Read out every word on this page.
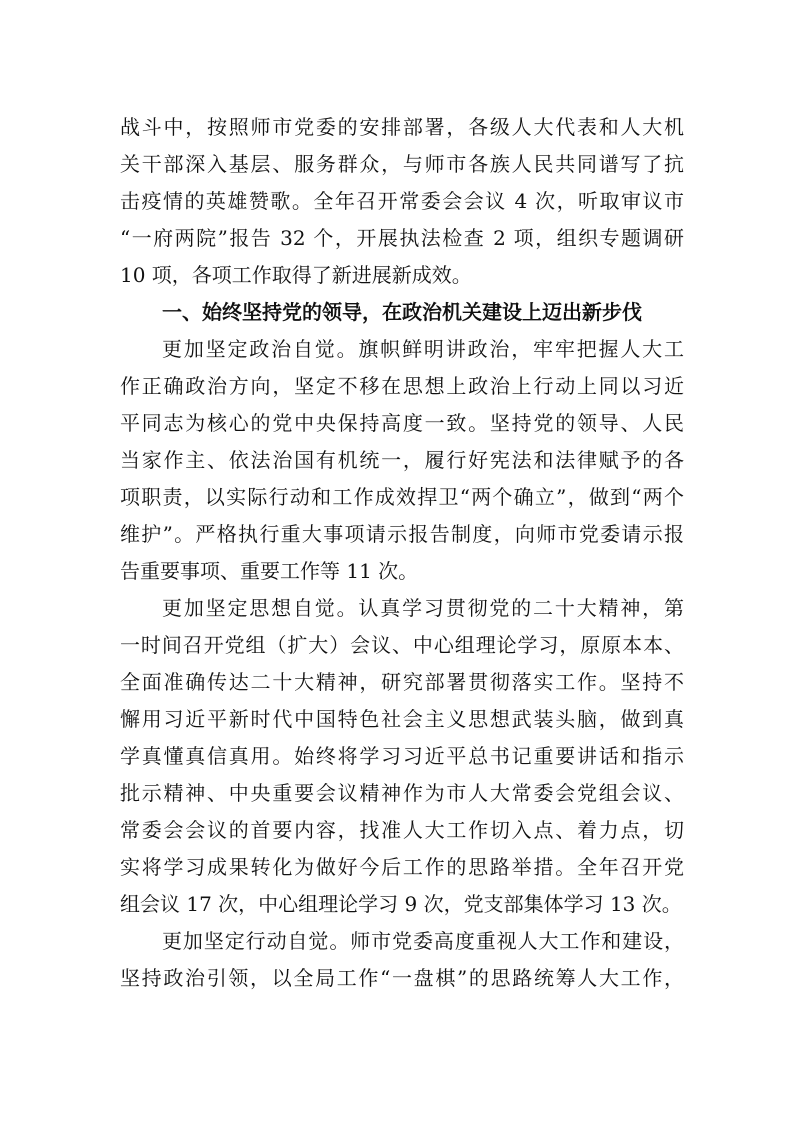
战斗中，按照师市党委的安排部署，各级人大代表和人大机
关干部深入基层、服务群众，与师市各族人民共同谱写了抗
击疫情的英雄赞歌。全年召开常委会会议 4 次，听取审议市
“一府两院”报告 32 个，开展执法检查 2 项，组织专题调研
10 项，各项工作取得了新进展新成效。
一、始终坚持党的领导，在政治机关建设上迈出新步伐
更加坚定政治自觉。旗帜鲜明讲政治，牢牢把握人大工
作正确政治方向，坚定不移在思想上政治上行动上同以习近
平同志为核心的党中央保持高度一致。坚持党的领导、人民
当家作主、依法治国有机统一，履行好宪法和法律赋予的各
项职责，以实际行动和工作成效捍卫“两个确立”，做到“两个
维护”。严格执行重大事项请示报告制度，向师市党委请示报
告重要事项、重要工作等 11 次。
更加坚定思想自觉。认真学习贯彻党的二十大精神，第
一时间召开党组（扩大）会议、中心组理论学习，原原本本、
全面准确传达二十大精神，研究部署贯彻落实工作。坚持不
懈用习近平新时代中国特色社会主义思想武装头脑，做到真
学真懂真信真用。始终将学习习近平总书记重要讲话和指示
批示精神、中央重要会议精神作为市人大常委会党组会议、
常委会会议的首要内容，找准人大工作切入点、着力点，切
实将学习成果转化为做好今后工作的思路举措。全年召开党
组会议 17 次，中心组理论学习 9 次，党支部集体学习 13 次。
更加坚定行动自觉。师市党委高度重视人大工作和建设，
坚持政治引领，以全局工作“一盘棋”的思路统筹人大工作，
